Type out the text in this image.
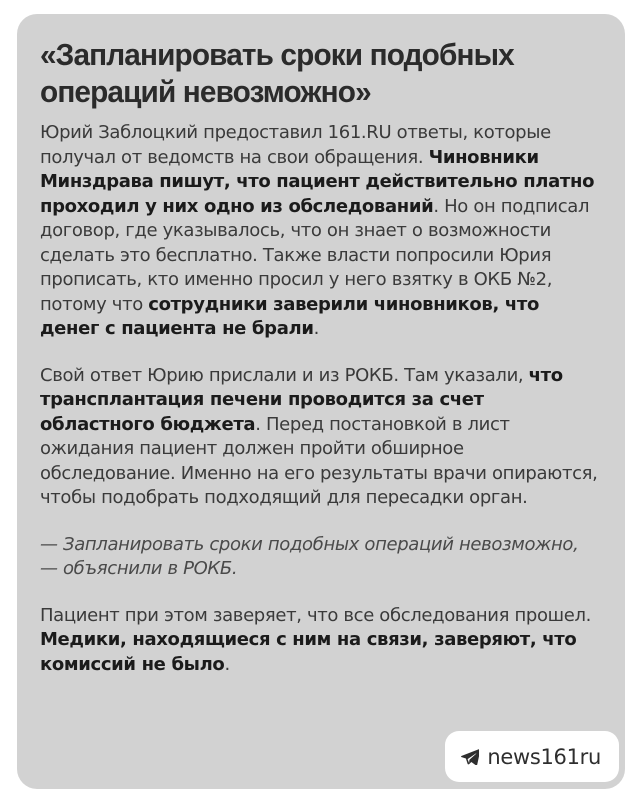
«Запланировать сроки подобных операций невозможно»

Юрий Заблоцкий предоставил 161.RU ответы, которые получал от ведомств на свои обращения. Чиновники Минздрава пишут, что пациент действительно платно проходил у них одно из обследований. Но он подписал договор, где указывалось, что он знает о возможности сделать это бесплатно. Также власти попросили Юрия прописать, кто именно просил у него взятку в ОКБ №2, потому что сотрудники заверили чиновников, что денег с пациента не брали.

Свой ответ Юрию прислали и из РОКБ. Там указали, что трансплантация печени проводится за счет областного бюджета. Перед постановкой в лист ожидания пациент должен пройти обширное обследование. Именно на его результаты врачи опираются, чтобы подобрать подходящий для пересадки орган.

— Запланировать сроки подобных операций невозможно, — объяснили в РОКБ.

Пациент при этом заверяет, что все обследования прошел. Медики, находящиеся с ним на связи, заверяют, что комиссий не было.

news161ru
